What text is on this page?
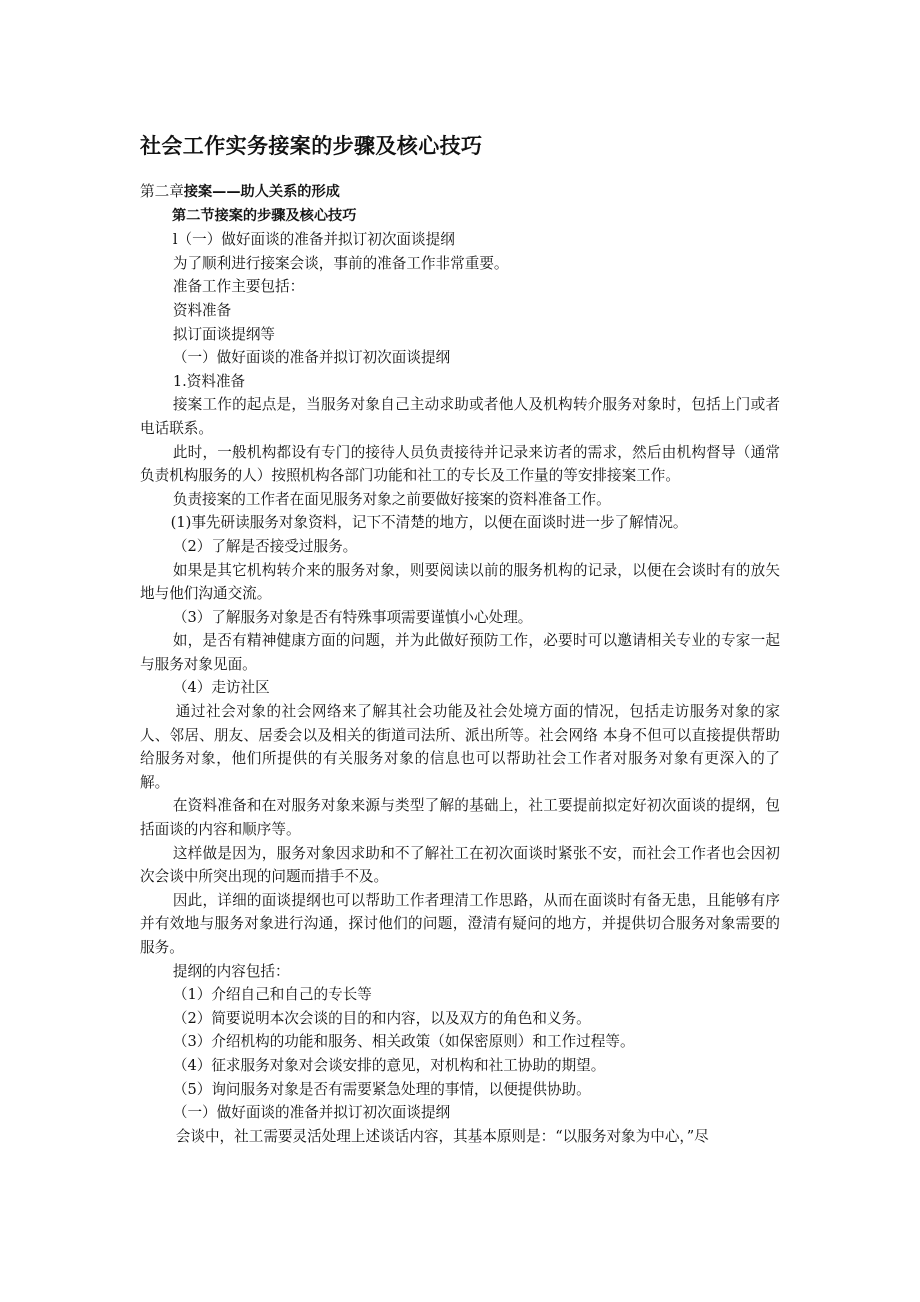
社会工作实务接案的步骤及核心技巧

第二章接案——助人关系的形成

第二节接案的步骤及核心技巧

l（一）做好面谈的准备并拟订初次面谈提纲

为了顺利进行接案会谈，事前的准备工作非常重要。

准备工作主要包括：

资料准备

拟订面谈提纲等

（一）做好面谈的准备并拟订初次面谈提纲

1.资料准备

接案工作的起点是，当服务对象自己主动求助或者他人及机构转介服务对象时，包括上门或者电话联系。

此时，一般机构都设有专门的接待人员负责接待并记录来访者的需求，然后由机构督导（通常负责机构服务的人）按照机构各部门功能和社工的专长及工作量的等安排接案工作。

负责接案的工作者在面见服务对象之前要做好接案的资料准备工作。

(1)事先研读服务对象资料，记下不清楚的地方，以便在面谈时进一步了解情况。

（2）了解是否接受过服务。

如果是其它机构转介来的服务对象，则要阅读以前的服务机构的记录，以便在会谈时有的放矢地与他们沟通交流。

（3）了解服务对象是否有特殊事项需要谨慎小心处理。

如，是否有精神健康方面的问题，并为此做好预防工作，必要时可以邀请相关专业的专家一起与服务对象见面。

（4）走访社区

通过社会对象的社会网络来了解其社会功能及社会处境方面的情况，包括走访服务对象的家人、邻居、朋友、居委会以及相关的街道司法所、派出所等。社会网络 本身不但可以直接提供帮助给服务对象，他们所提供的有关服务对象的信息也可以帮助社会工作者对服务对象有更深入的了解。

在资料准备和在对服务对象来源与类型了解的基础上，社工要提前拟定好初次面谈的提纲，包括面谈的内容和顺序等。

这样做是因为，服务对象因求助和不了解社工在初次面谈时紧张不安，而社会工作者也会因初次会谈中所突出现的问题而措手不及。

因此，详细的面谈提纲也可以帮助工作者理清工作思路，从而在面谈时有备无患，且能够有序并有效地与服务对象进行沟通，探讨他们的问题，澄清有疑问的地方，并提供切合服务对象需要的服务。

提纲的内容包括：

（1）介绍自己和自己的专长等

（2）简要说明本次会谈的目的和内容，以及双方的角色和义务。

（3）介绍机构的功能和服务、相关政策（如保密原则）和工作过程等。

（4）征求服务对象对会谈安排的意见，对机构和社工协助的期望。

（5）询问服务对象是否有需要紧急处理的事情，以便提供协助。

（一）做好面谈的准备并拟订初次面谈提纲

会谈中，社工需要灵活处理上述谈话内容，其基本原则是：“以服务对象为中心，”尽
